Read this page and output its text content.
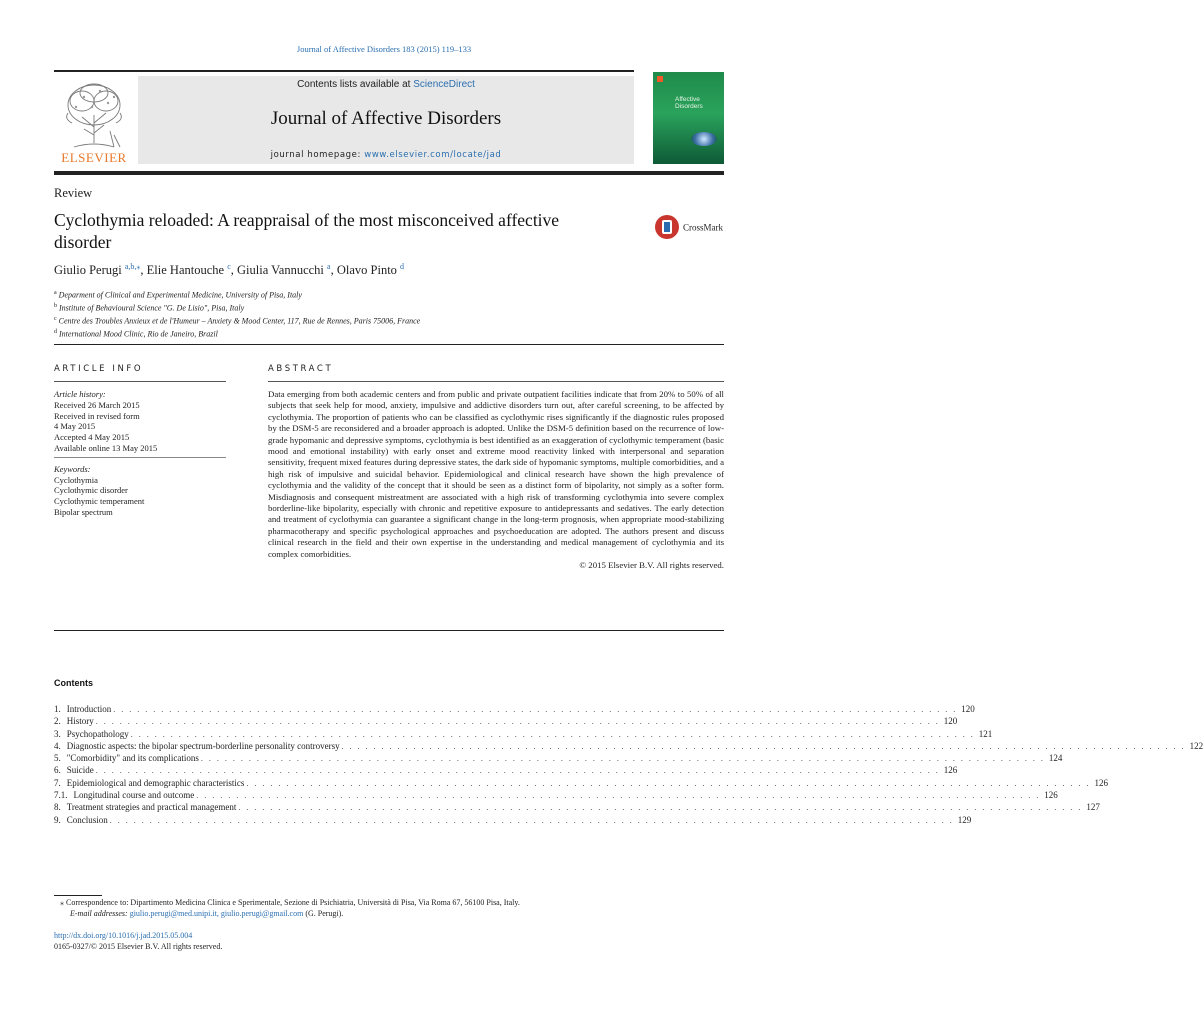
Journal of Affective Disorders 183 (2015) 119–133
ELSEVIER
Contents lists available at ScienceDirect
Journal of Affective Disorders
journal homepage: www.elsevier.com/locate/jad
Affective
Disorders
Review
Cyclothymia reloaded: A reappraisal of the most misconceived affective disorder
CrossMark
Giulio Perugi $^{a,b,⁎}$, Elie Hantouche $^c$, Giulia Vannucchi $^a$, Olavo Pinto $^d$
$^a$ Deparment of Clinical and Experimental Medicine, University of Pisa, Italy
$^b$ Institute of Behavioural Science "G. De Lisio", Pisa, Italy
$^c$ Centre des Troubles Anxieux et de l'Humeur – Anxiety & Mood Center, 117, Rue de Rennes, Paris 75006, France
$^d$ International Mood Clinic, Rio de Janeiro, Brazil
ARTICLE INFO	ABSTRACT
Article history:
Received 26 March 2015
Received in revised form
4 May 2015
Accepted 4 May 2015
Available online 13 May 2015
Keywords:
Cyclothymia
Cyclothymic disorder
Cyclothymic temperament
Bipolar spectrum
Data emerging from both academic centers and from public and private outpatient facilities indicate that from 20% to 50% of all subjects that seek help for mood, anxiety, impulsive and addictive disorders turn out, after careful screening, to be affected by cyclothymia. The proportion of patients who can be classified as cyclothymic rises significantly if the diagnostic rules proposed by the DSM-5 are reconsidered and a broader approach is adopted. Unlike the DSM-5 definition based on the recurrence of low-grade hypomanic and depressive symptoms, cyclothymia is best identified as an exaggeration of cyclothymic temperament (basic mood and emotional instability) with early onset and extreme mood reactivity linked with interpersonal and separation sensitivity, frequent mixed features during depressive states, the dark side of hypomanic symptoms, multiple comorbidities, and a high risk of impulsive and suicidal behavior. Epidemiological and clinical research have shown the high prevalence of cyclothymia and the validity of the concept that it should be seen as a distinct form of bipolarity, not simply as a softer form. Misdiagnosis and consequent mistreatment are associated with a high risk of transforming cyclothymia into severe complex borderline-like bipolarity, especially with chronic and repetitive exposure to antidepressants and sedatives. The early detection and treatment of cyclothymia can guarantee a significant change in the long-term prognosis, when appropriate mood-stabilizing pharmacotherapy and specific psychological approaches and psychoeducation are adopted. The authors present and discuss clinical research in the field and their own expertise in the understanding and medical management of cyclothymia and its complex comorbidities.
© 2015 Elsevier B.V. All rights reserved.
Contents
1. Introduction . . . . . . . . . . . . . . . . . . . . . . . . . . . . . . . . . . . . . . . . . . . . . . . . . . . . . . . . . . . . . . . . . . . . . . . . . . . . . . . . . . . . . . . . . . . . . . . . . . . . . . . . . . 120
2. History . . . . . . . . . . . . . . . . . . . . . . . . . . . . . . . . . . . . . . . . . . . . . . . . . . . . . . . . . . . . . . . . . . . . . . . . . . . . . . . . . . . . . . . . . . . . . . . . . . . . . . . . . . 120
3. Psychopathology . . . . . . . . . . . . . . . . . . . . . . . . . . . . . . . . . . . . . . . . . . . . . . . . . . . . . . . . . . . . . . . . . . . . . . . . . . . . . . . . . . . . . . . . . . . . . . . . . . . . . . . . . . 121
4. Diagnostic aspects: the bipolar spectrum-borderline personality controversy . . . . . . . . . . . . . . . . . . . . . . . . . . . . . . . . . . . . . . . . . . . . . . . . . . . . . . . . . . . . . . . . . . . . . . . . . . . . . . . . . . . . . . . . . . . . . . . . . . . . . . . . . . 122
5. "Comorbidity" and its complications . . . . . . . . . . . . . . . . . . . . . . . . . . . . . . . . . . . . . . . . . . . . . . . . . . . . . . . . . . . . . . . . . . . . . . . . . . . . . . . . . . . . . . . . . . . . . . . . . . . . . . . . . . 124
6. Suicide . . . . . . . . . . . . . . . . . . . . . . . . . . . . . . . . . . . . . . . . . . . . . . . . . . . . . . . . . . . . . . . . . . . . . . . . . . . . . . . . . . . . . . . . . . . . . . . . . . . . . . . . . . 126
7. Epidemiological and demographic characteristics . . . . . . . . . . . . . . . . . . . . . . . . . . . . . . . . . . . . . . . . . . . . . . . . . . . . . . . . . . . . . . . . . . . . . . . . . . . . . . . . . . . . . . . . . . . . . . . . . . . . . . . . . . 126
7.1. Longitudinal course and outcome . . . . . . . . . . . . . . . . . . . . . . . . . . . . . . . . . . . . . . . . . . . . . . . . . . . . . . . . . . . . . . . . . . . . . . . . . . . . . . . . . . . . . . . . . . . . . . . . . . . . . . . . . . 126
8. Treatment strategies and practical management . . . . . . . . . . . . . . . . . . . . . . . . . . . . . . . . . . . . . . . . . . . . . . . . . . . . . . . . . . . . . . . . . . . . . . . . . . . . . . . . . . . . . . . . . . . . . . . . . . . . . . . . . . 127
9. Conclusion . . . . . . . . . . . . . . . . . . . . . . . . . . . . . . . . . . . . . . . . . . . . . . . . . . . . . . . . . . . . . . . . . . . . . . . . . . . . . . . . . . . . . . . . . . . . . . . . . . . . . . . . . . 129
⁎ Correspondence to: Dipartimento Medicina Clinica e Sperimentale, Sezione di Psichiatria, Università di Pisa, Via Roma 67, 56100 Pisa, Italy.
E-mail addresses: giulio.perugi@med.unipi.it, giulio.perugi@gmail.com (G. Perugi).
http://dx.doi.org/10.1016/j.jad.2015.05.004
0165-0327/© 2015 Elsevier B.V. All rights reserved.
